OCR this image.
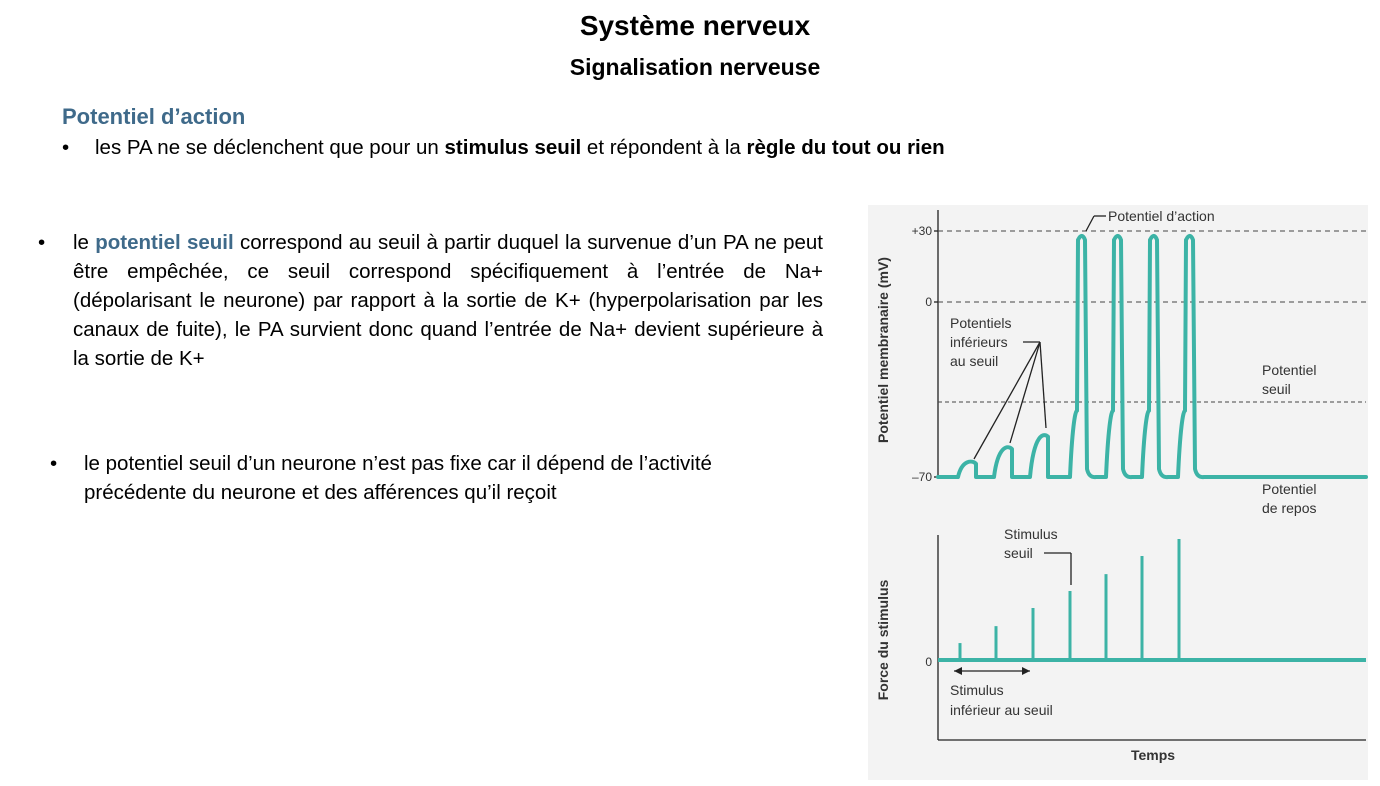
Système nerveux
Signalisation nerveuse
Potentiel d’action
• les PA ne se déclenchent que pour un stimulus seuil et répondent à la règle du tout ou rien
• le potentiel seuil correspond au seuil à partir duquel la survenue d’un PA ne peut être empêchée, ce seuil correspond spécifiquement à l’entrée de Na+ (dépolarisant le neurone) par rapport à la sortie de K+ (hyperpolarisation par les canaux de fuite), le PA survient donc quand l’entrée de Na+ devient supérieure à la sortie de K+
• le potentiel seuil d’un neurone n’est pas fixe car il dépend de l’activité précédente du neurone et des afférences qu’il reçoit
Potentiel membranaire (mV)
+30
0
–70
Potentiel d’action
Potentiels
inférieurs
au seuil
Potentiel
seuil
Potentiel
de repos
Force du stimulus	0
Stimulus
seuil
Stimulus
inférieur au seuil
Temps
